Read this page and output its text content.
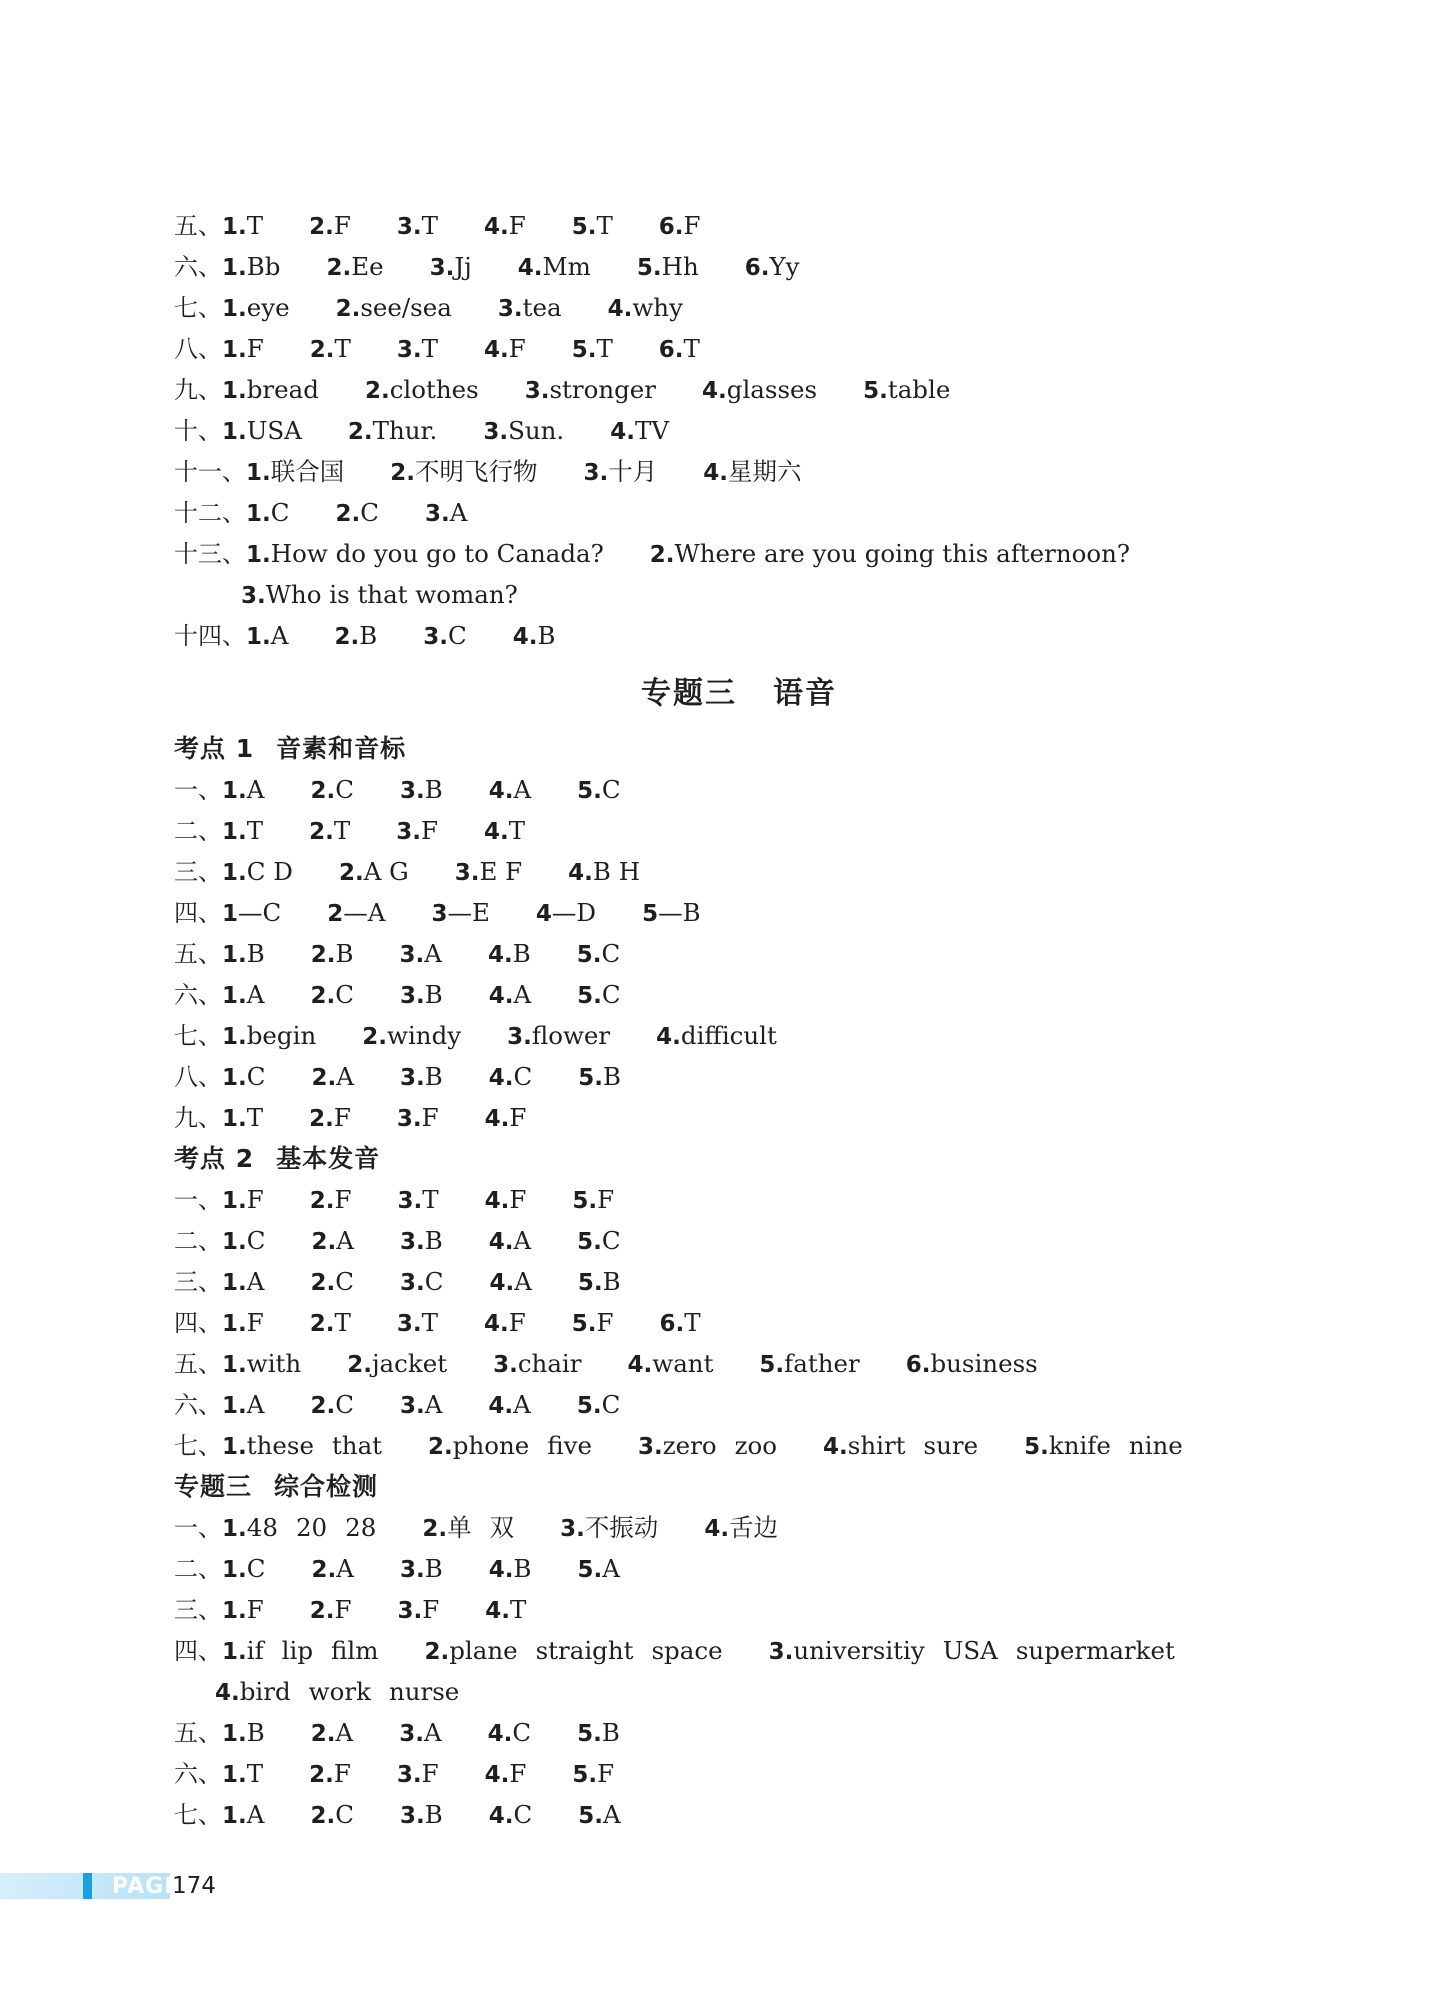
五、1.T 2.F 3.T 4.F 5.T 6.F
六、1.Bb 2.Ee 3.Jj 4.Mm 5.Hh 6.Yy
七、1.eye 2.see/sea 3.tea 4.why
八、1.F 2.T 3.T 4.F 5.T 6.T
九、1.bread 2.clothes 3.stronger 4.glasses 5.table
十、1.USA 2.Thur. 3.Sun. 4.TV
十一、1.联合国 2.不明飞行物 3.十月 4.星期六
十二、1.C 2.C 3.A
十三、1.How do you go to Canada? 2.Where are you going this afternoon?
3.Who is that woman?
十四、1.A 2.B 3.C 4.B
专题三 语音
考点 1 音素和音标
一、1.A 2.C 3.B 4.A 5.C
二、1.T 2.T 3.F 4.T
三、1.C D 2.A G 3.E F 4.B H
四、1—C 2—A 3—E 4—D 5—B
五、1.B 2.B 3.A 4.B 5.C
六、1.A 2.C 3.B 4.A 5.C
七、1.begin 2.windy 3.flower 4.difficult
八、1.C 2.A 3.B 4.C 5.B
九、1.T 2.F 3.F 4.F
考点 2 基本发音
一、1.F 2.F 3.T 4.F 5.F
二、1.C 2.A 3.B 4.A 5.C
三、1.A 2.C 3.C 4.A 5.B
四、1.F 2.T 3.T 4.F 5.F 6.T
五、1.with 2.jacket 3.chair 4.want 5.father 6.business
六、1.A 2.C 3.A 4.A 5.C
七、1.these that 2.phone five 3.zero zoo 4.shirt sure 5.knife nine
专题三 综合检测
一、1.48 20 28 2.单 双 3.不振动 4.舌边
二、1.C 2.A 3.B 4.B 5.A
三、1.F 2.F 3.F 4.T
四、1.if lip film 2.plane straight space 3.universitiy USA supermarket
4.bird work nurse
五、1.B 2.A 3.A 4.C 5.B
六、1.T 2.F 3.F 4.F 5.F
七、1.A 2.C 3.B 4.C 5.A
PAGE
174
